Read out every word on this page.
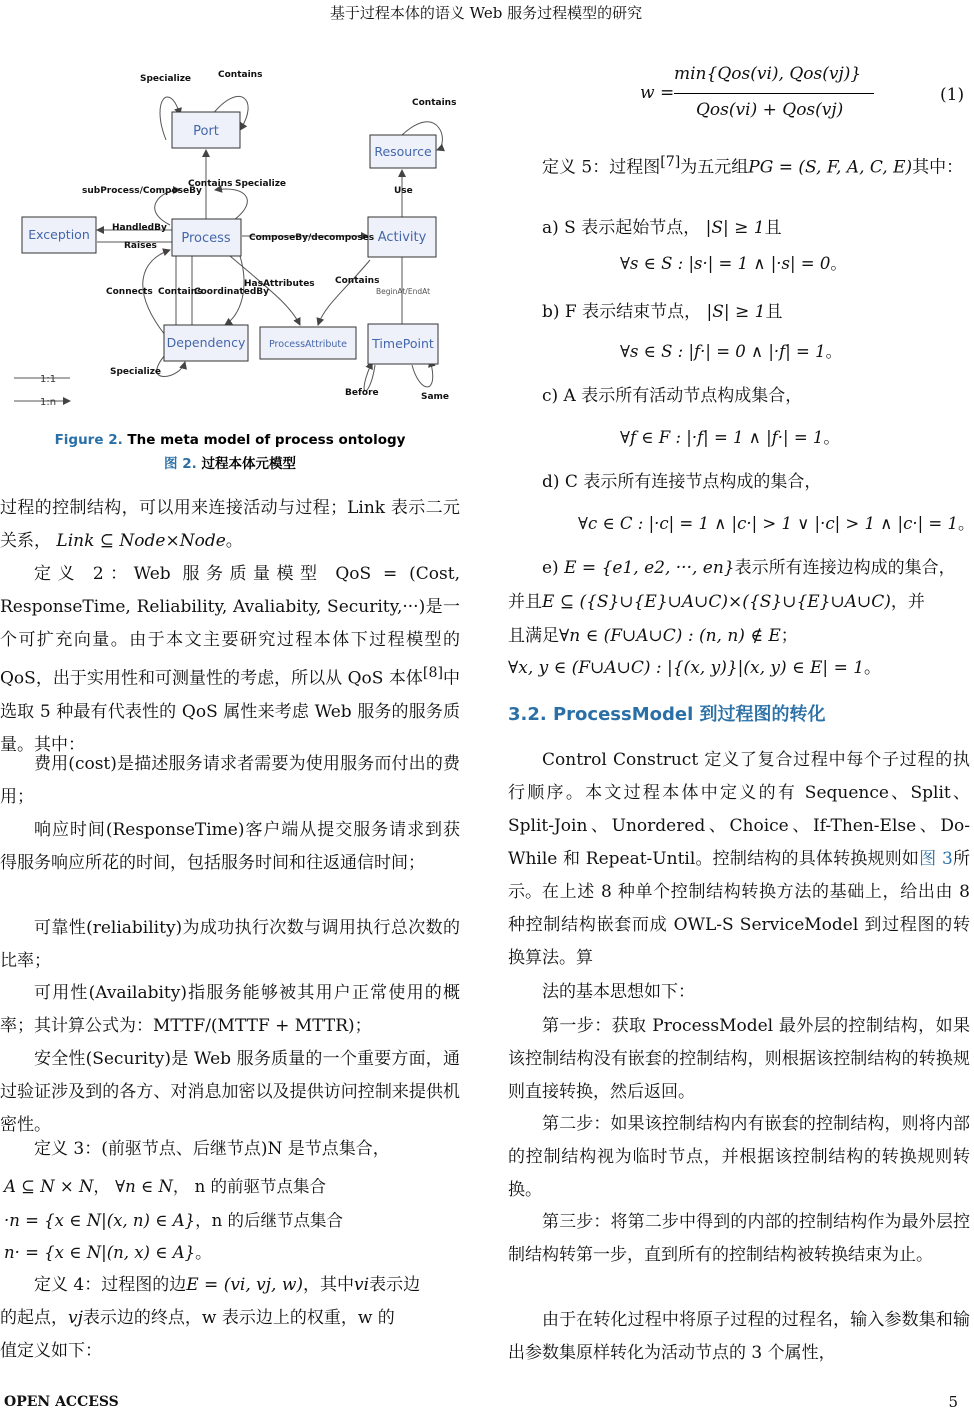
基于过程本体的语义 Web 服务过程模型的研究
Port
Resource
Exception	Process	Activity
Dependency ProcessAttribute TimePoint
Specialize	Contains
Contains
subProcess/ComposeBy
Contains Specialize
Use
HandledBy
Raises
ComposeBy/decomposes
HasAttributes Contains
BeginAt/EndAt
Connects Contains
CoordinatedBy
Specialize
Before	Same
1:1
1:n
Figure 2. The meta model of process ontology
图 2. 过程本体元模型

过程的控制结构，可以用来连接活动与过程；Link 表示二元关系， Link ⊆ Node×Node。

定义 2：Web 服务质量模型 QoS = (Cost, ResponseTime, Reliability, Avaliabity, Security,···)是一个可扩充向量。由于本文主要研究过程本体下过程模型的QoS，出于实用性和可测量性的考虑，所以从 QoS 本体[8]中选取 5 种最有代表性的 QoS 属性来考虑 Web 服务的服务质量。其中：

费用(cost)是描述服务请求者需要为使用服务而付出的费用；

响应时间(ResponseTime)客户端从提交服务请求到获得服务响应所花的时间，包括服务时间和往返通信时间；

可靠性(reliability)为成功执行次数与调用执行总次数的比率；

可用性(Availabity)指服务能够被其用户正常使用的概率；其计算公式为：MTTF/(MTTF + MTTR)；

安全性(Security)是 Web 服务质量的一个重要方面，通过验证涉及到的各方、对消息加密以及提供访问控制来提供机密性。

定义 3：(前驱节点、后继节点)N 是节点集合，

A ⊆ N × N， ∀n ∈ N， n 的前驱节点集合
·n = {x ∈ N|(x, n) ∈ A}，n 的后继节点集合
n· = {x ∈ N|(n, x) ∈ A}。

定义 4：过程图的边E = (vi, vj, w)，其中vi表示边

的起点，vj表示边的终点，w 表示边上的权重，w 的

值定义如下：

w =
min{Qos(vi), Qos(vj)}
Qos(vi) + Qos(vj)
(1)

定义 5：过程图[7]为五元组PG = (S, F, A, C, E)其中：

a) S 表示起始节点， |S| ≥ 1且

∀s ∈ S : |s·| = 1 ∧ |·s| = 0。

b) F 表示结束节点， |S| ≥ 1且

∀s ∈ S : |f·| = 0 ∧ |·f| = 1。

c) A 表示所有活动节点构成集合，

∀f ∈ F : |·f| = 1 ∧ |f·| = 1。

d) C 表示所有连接节点构成的集合，

∀c ∈ C : |·c| = 1 ∧ |c·| > 1 ∨ |·c| > 1 ∧ |c·| = 1。

e) E = {e1, e2, ···, en}表示所有连接边构成的集合，

并且E ⊆ ({S}∪{E}∪A∪C)×({S}∪{E}∪A∪C)，并

且满足∀n ∈ (F∪A∪C) : (n, n) ∉ E；

∀x, y ∈ (F∪A∪C) : |{(x, y)}|(x, y) ∈ E| = 1。

3.2. ProcessModel 到过程图的转化

Control Construct 定义了复合过程中每个子过程的执行顺序。本文过程本体中定义的有 Sequence、Split、Split-Join、Unordered、Choice、If-Then-Else、Do-While 和 Repeat-Until。控制结构的具体转换规则如图 3所示。 在上述 8 种单个控制结构转换方法的基础上，给出由 8 种控制结构嵌套而成 OWL-S ServiceModel 到过程图的转换算法。算

法的基本思想如下：

第一步：获取 ProcessModel 最外层的控制结构，如果该控制结构没有嵌套的控制结构，则根据该控制结构的转换规则直接转换，然后返回。

第二步：如果该控制结构内有嵌套的控制结构，则将内部的控制结构视为临时节点，并根据该控制结构的转换规则转换。

第三步：将第二步中得到的内部的控制结构作为最外层控制结构转第一步，直到所有的控制结构被转换结束为止。

由于在转化过程中将原子过程的过程名，输入参数集和输出参数集原样转化为活动节点的 3 个属性，

OPEN ACCESS	5
